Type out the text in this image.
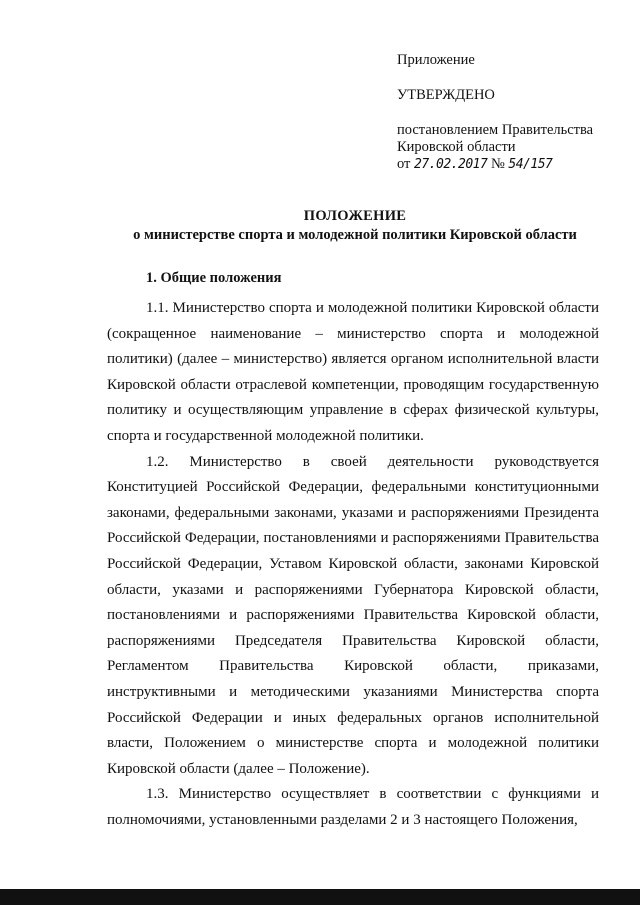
Приложение
УТВЕРЖДЕНО
постановлением Правительства
Кировской области
от 27.02.2017 № 54/157
ПОЛОЖЕНИЕ
о министерстве спорта и молодежной политики Кировской области
1. Общие положения

1.1. Министерство спорта и молодежной политики Кировской области (сокращенное наименование – министерство спорта и молодежной политики) (далее – министерство) является органом исполнительной власти Кировской области отраслевой компетенции, проводящим государственную политику и осуществляющим управление в сферах физической культуры, спорта и государственной молодежной политики.

1.2. Министерство в своей деятельности руководствуется Конституцией Российской Федерации, федеральными конституционными законами, федеральными законами, указами и распоряжениями Президента Российской Федерации, постановлениями и распоряжениями Правительства Российской Федерации, Уставом Кировской области, законами Кировской области, указами и распоряжениями Губернатора Кировской области, постановлениями и распоряжениями Правительства Кировской области, распоряжениями Председателя Правительства Кировской области, Регламентом Правительства Кировской области, приказами, инструктивными и методическими указаниями Министерства спорта Российской Федерации и иных федеральных органов исполнительной власти, Положением о министерстве спорта и молодежной политики Кировской области (далее – Положение).

1.3. Министерство осуществляет в соответствии с функциями и полномочиями, установленными разделами 2 и 3 настоящего Положения,
